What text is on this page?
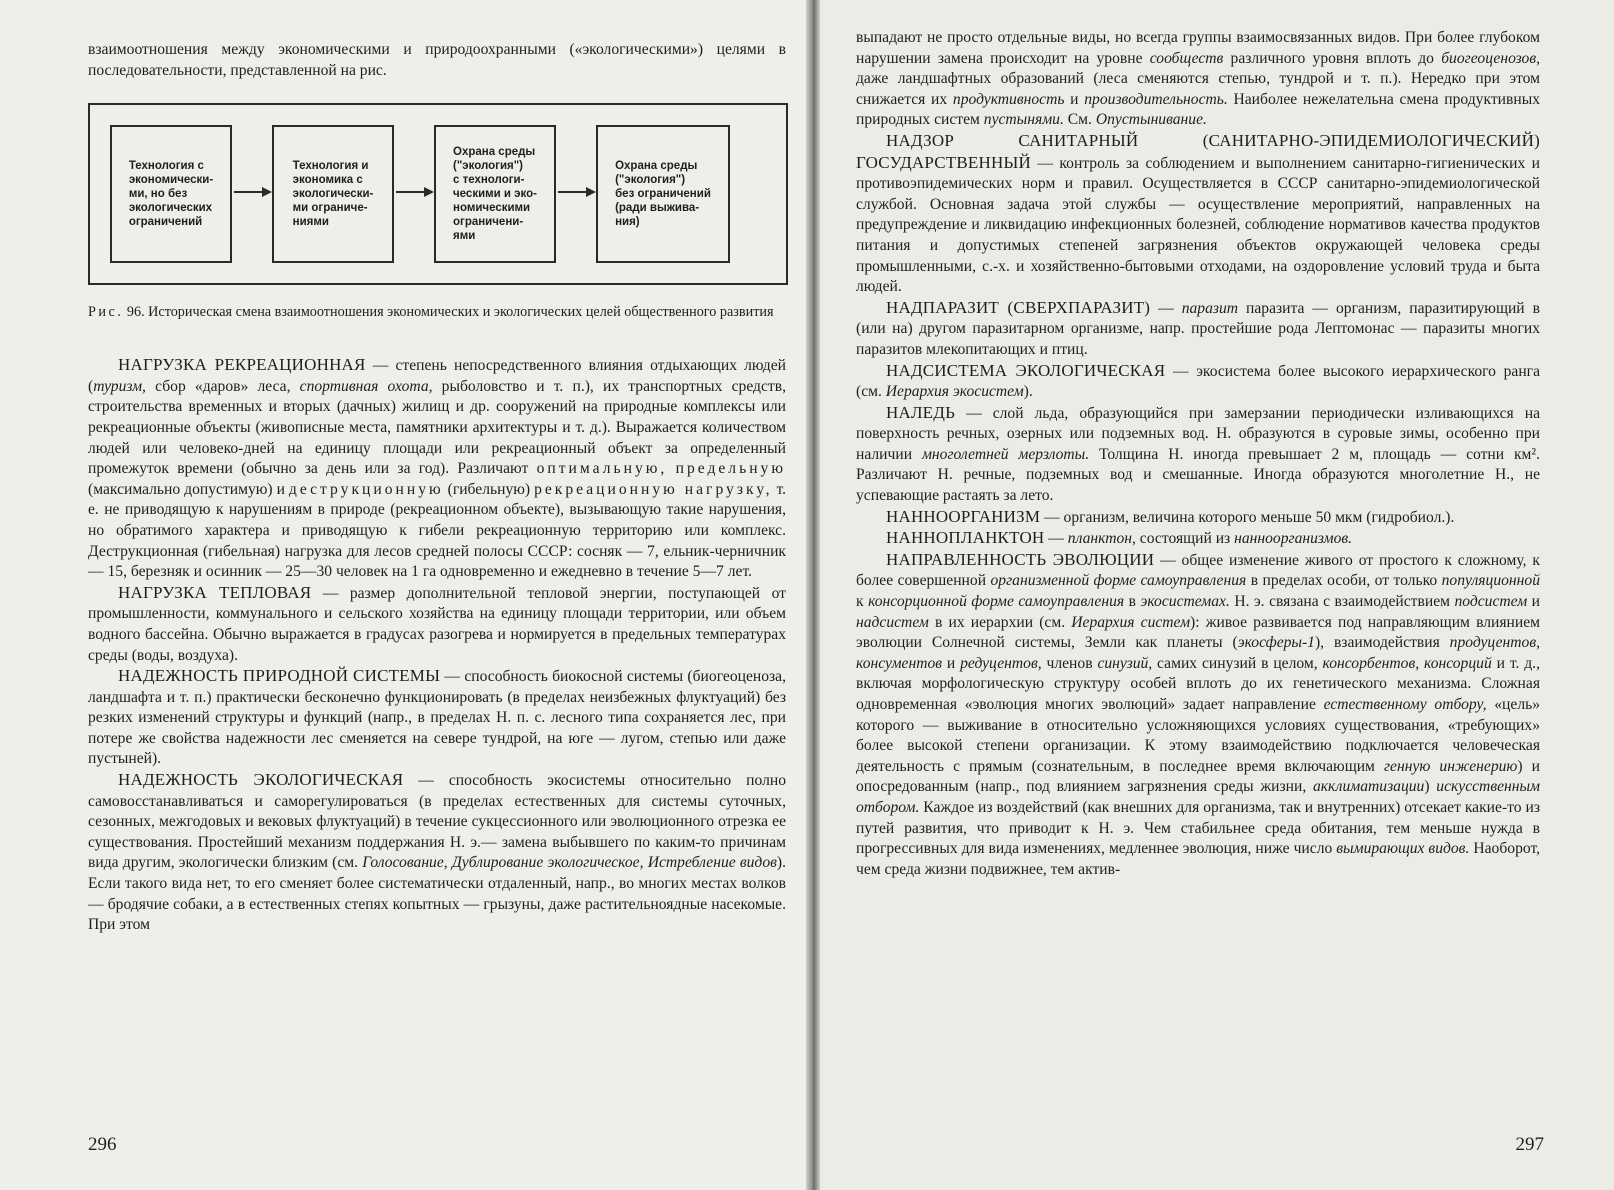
взаимоотношения между экономическими и природоохранными («экологическими») целями в последовательности, представленной на рис.

Технология с
экономически-
ми, но без
экологических
ограничений
Технология и
экономика с
экологически-
ми ограниче-
ниями
Охрана среды
("экология")
с технологи-
ческими и эко-
номическими
ограничени-
ями
Охрана среды
("экология")
без ограничений
(ради выжива-
ния)

Рис. 96. Историческая смена взаимоотношения экономических и экологических целей общественного развития

НАГРУЗКА РЕКРЕАЦИОННАЯ — степень непосредственного влияния отдыхающих людей (туризм, сбор «даров» леса, спортивная охота, рыболовство и т. п.), их транспортных средств, строительства временных и вторых (дачных) жилищ и др. сооружений на природные комплексы или рекреационные объекты (живописные места, памятники архитектуры и т. д.). Выражается количеством людей или человеко-дней на единицу площади или рекреационный объект за определенный промежуток времени (обычно за день или за год). Различают оптимальную, предельную (максимально допустимую) и деструкционную (гибельную) рекреационную нагрузку, т. е. не приводящую к нарушениям в природе (рекреационном объекте), вызывающую такие нарушения, но обратимого характера и приводящую к гибели рекреационную территорию или комплекс. Деструкционная (гибельная) нагрузка для лесов средней полосы СССР: сосняк — 7, ельник-черничник — 15, березняк и осинник — 25—30 человек на 1 га одновременно и ежедневно в течение 5—7 лет.

НАГРУЗКА ТЕПЛОВАЯ — размер дополнительной тепловой энергии, поступающей от промышленности, коммунального и сельского хозяйства на единицу площади территории, или объем водного бассейна. Обычно выражается в градусах разогрева и нормируется в предельных температурах среды (воды, воздуха).

НАДЕЖНОСТЬ ПРИРОДНОЙ СИСТЕМЫ — способность биокосной системы (биогеоценоза, ландшафта и т. п.) практически бесконечно функционировать (в пределах неизбежных флуктуаций) без резких изменений структуры и функций (напр., в пределах Н. п. с. лесного типа сохраняется лес, при потере же свойства надежности лес сменяется на севере тундрой, на юге — лугом, степью или даже пустыней).

НАДЕЖНОСТЬ ЭКОЛОГИЧЕСКАЯ — способность экосистемы относительно полно самовосстанавливаться и саморегулироваться (в пределах естественных для системы суточных, сезонных, межгодовых и вековых флуктуаций) в течение сукцессионного или эволюционного отрезка ее существования. Простейший механизм поддержания Н. э.— замена выбывшего по каким-то причинам вида другим, экологически близким (см. Голосование, Дублирование экологическое, Истребление видов). Если такого вида нет, то его сменяет более систематически отдаленный, напр., во многих местах волков — бродячие собаки, а в естественных степях копытных — грызуны, даже растительноядные насекомые. При этом

296

выпадают не просто отдельные виды, но всегда группы взаимосвязанных видов. При более глубоком нарушении замена происходит на уровне сообществ различного уровня вплоть до биогеоценозов, даже ландшафтных образований (леса сменяются степью, тундрой и т. п.). Нередко при этом снижается их продуктивность и производительность. Наиболее нежелательна смена продуктивных природных систем пустынями. См. Опустынивание.

НАДЗОР САНИТАРНЫЙ (САНИТАРНО-ЭПИДЕМИОЛОГИЧЕСКИЙ) ГОСУДАРСТВЕННЫЙ — контроль за соблюдением и выполнением санитарно-гигиенических и противоэпидемических норм и правил. Осуществляется в СССР санитарно-эпидемиологической службой. Основная задача этой службы — осуществление мероприятий, направленных на предупреждение и ликвидацию инфекционных болезней, соблюдение нормативов качества продуктов питания и допустимых степеней загрязнения объектов окружающей человека среды промышленными, с.-х. и хозяйственно-бытовыми отходами, на оздоровление условий труда и быта людей.

НАДПАРАЗИТ (СВЕРХПАРАЗИТ) — паразит паразита — организм, паразитирующий в (или на) другом паразитарном организме, напр. простейшие рода Лептомонас — паразиты многих паразитов млекопитающих и птиц.

НАДСИСТЕМА ЭКОЛОГИЧЕСКАЯ — экосистема более высокого иерархического ранга (см. Иерархия экосистем).

НАЛЕДЬ — слой льда, образующийся при замерзании периодически изливающихся на поверхность речных, озерных или подземных вод. Н. образуются в суровые зимы, особенно при наличии многолетней мерзлоты. Толщина Н. иногда превышает 2 м, площадь — сотни км². Различают Н. речные, подземных вод и смешанные. Иногда образуются многолетние Н., не успевающие растаять за лето.

НАННООРГАНИЗМ — организм, величина которого меньше 50 мкм (гидробиол.).

НАННОПЛАНКТОН — планктон, состоящий из наннoорганизмов.

НАПРАВЛЕННОСТЬ ЭВОЛЮЦИИ — общее изменение живого от простого к сложному, к более совершенной организменной форме самоуправления в пределах особи, от только популяционной к консорционной форме самоуправления в экосистемах. Н. э. связана с взаимодействием подсистем и надсистем в их иерархии (см. Иерархия систем): живое развивается под направляющим влиянием эволюции Солнечной системы, Земли как планеты (экосферы-1), взаимодействия продуцентов, консументов и редуцентов, членов синузий, самих синузий в целом, консорбентов, консорций и т. д., включая морфологическую структуру особей вплоть до их генетического механизма. Сложная одновременная «эволюция многих эволюций» задает направление естественному отбору, «цель» которого — выживание в относительно усложняющихся условиях существования, «требующих» более высокой степени организации. К этому взаимодействию подключается человеческая деятельность с прямым (сознательным, в последнее время включающим генную инженерию) и опосредованным (напр., под влиянием загрязнения среды жизни, акклиматизации) искусственным отбором. Каждое из воздействий (как внешних для организма, так и внутренних) отсекает какие-то из путей развития, что приводит к Н. э. Чем стабильнее среда обитания, тем меньше нужда в прогрессивных для вида изменениях, медленнее эволюция, ниже число вымирающих видов. Наоборот, чем среда жизни подвижнее, тем актив-

297
